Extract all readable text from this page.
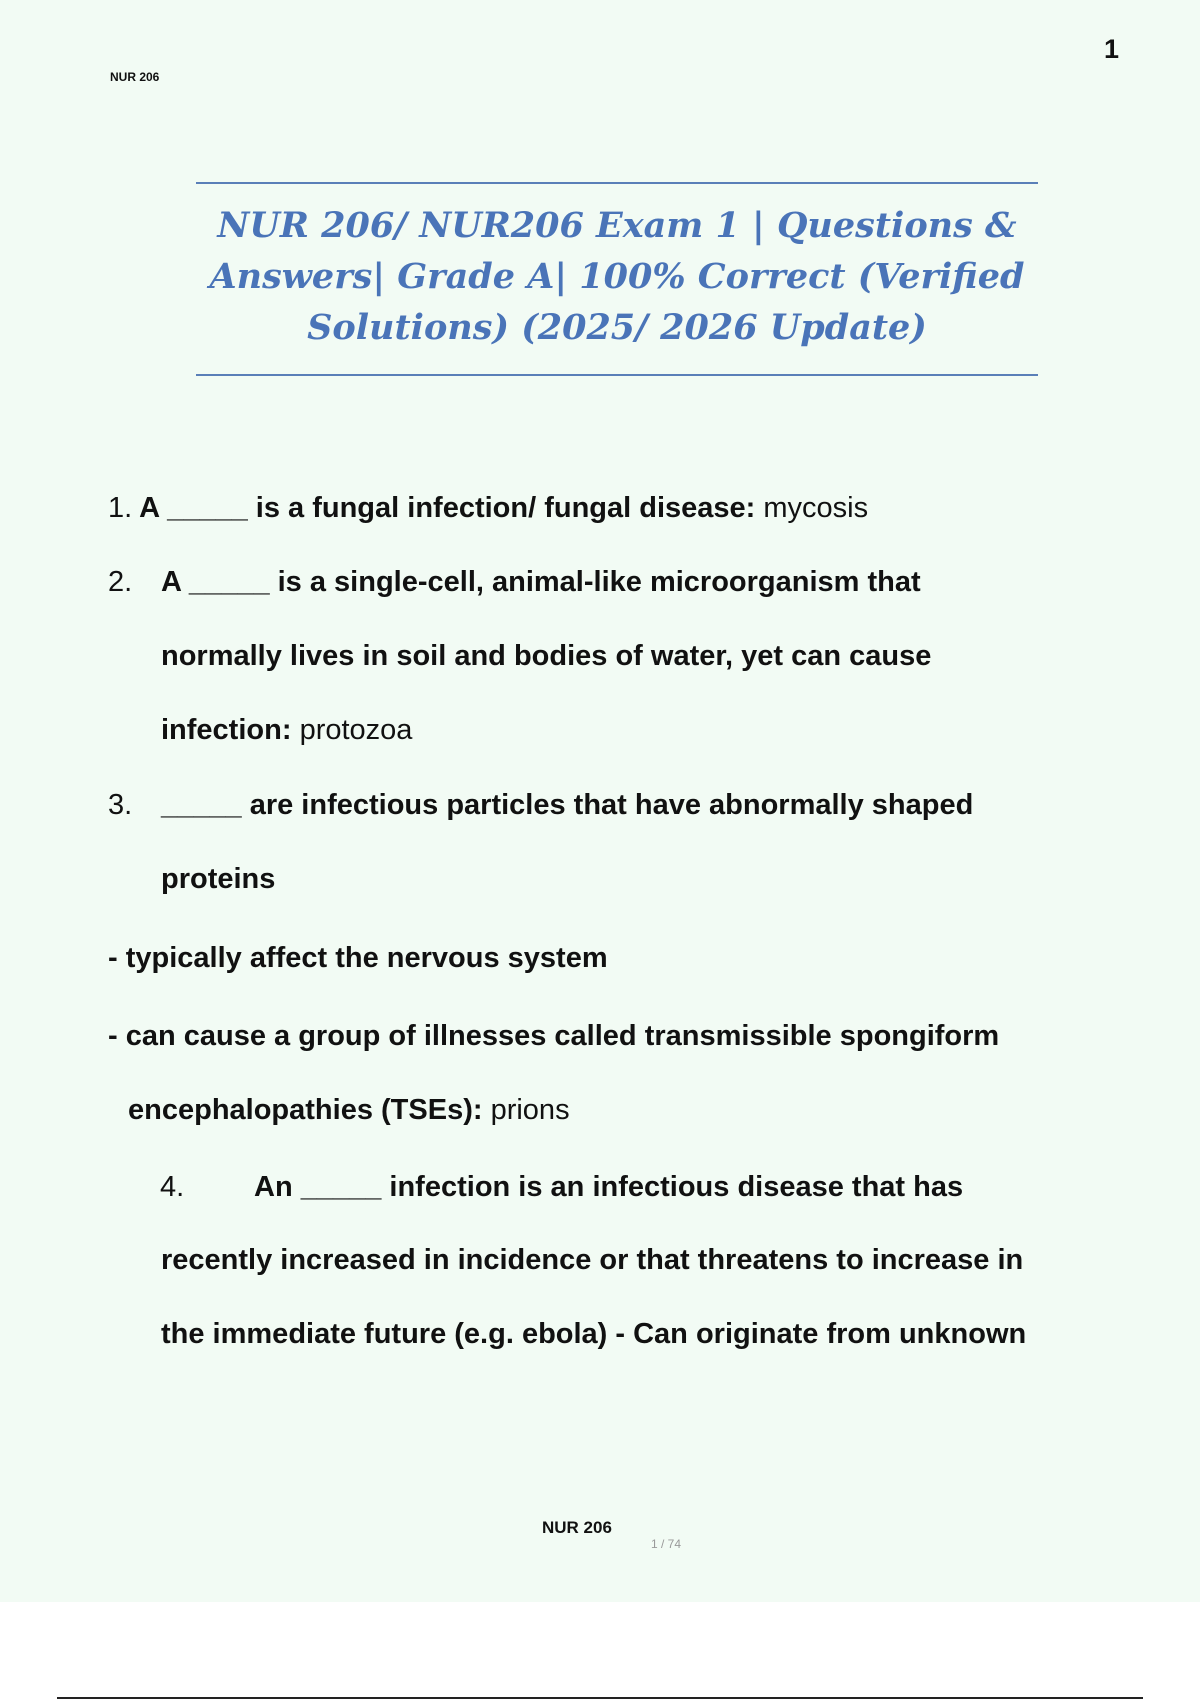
NUR 206
1
NUR 206/ NUR206 Exam 1 | Questions & Answers| Grade A| 100% Correct (Verified Solutions) (2025/ 2026 Update)
1. A _____ is a fungal infection/ fungal disease: mycosis
2. A _____ is a single-cell, animal-like microorganism that
normally lives in soil and bodies of water, yet can cause
infection: protozoa
3. _____ are infectious particles that have abnormally shaped
proteins
- typically affect the nervous system
- can cause a group of illnesses called transmissible spongiform
encephalopathies (TSEs): prions
4. An _____ infection is an infectious disease that has
recently increased in incidence or that threatens to increase in
the immediate future (e.g. ebola) - Can originate from unknown
NUR 206
1 / 74
